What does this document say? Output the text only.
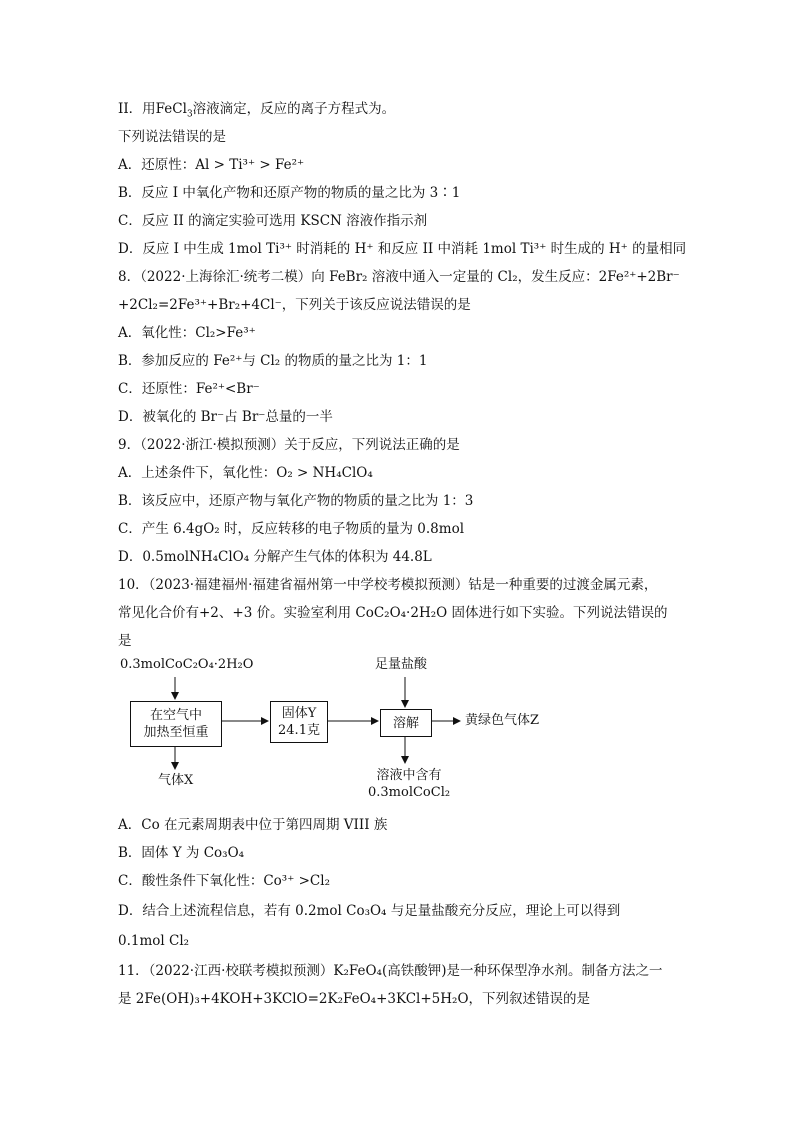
II．用FeCl$_3$溶液滴定，反应的离子方程式为。
下列说法错误的是
A．还原性：Al > Ti³⁺ > Fe²⁺
B．反应 I 中氧化产物和还原产物的物质的量之比为 3∶1
C．反应 II 的滴定实验可选用 KSCN 溶液作指示剂
D．反应 I 中生成 1mol Ti³⁺ 时消耗的 H⁺ 和反应 II 中消耗 1mol Ti³⁺ 时生成的 H⁺ 的量相同
8．（2022·上海徐汇·统考二模）向 FeBr₂ 溶液中通入一定量的 Cl₂，发生反应：2Fe²⁺+2Br⁻
+2Cl₂=2Fe³⁺+Br₂+4Cl⁻，下列关于该反应说法错误的是
A．氧化性：Cl₂>Fe³⁺
B．参加反应的 Fe²⁺与 Cl₂ 的物质的量之比为 1：1
C．还原性：Fe²⁺<Br⁻
D．被氧化的 Br⁻占 Br⁻总量的一半
9．（2022·浙江·模拟预测）关于反应，下列说法正确的是
A．上述条件下，氧化性：O₂ > NH₄ClO₄
B．该反应中，还原产物与氧化产物的物质的量之比为 1：3
C．产生 6.4gO₂ 时，反应转移的电子物质的量为 0.8mol
D．0.5molNH₄ClO₄ 分解产生气体的体积为 44.8L
10．（2023·福建福州·福建省福州第一中学校考模拟预测）钴是一种重要的过渡金属元素，
常见化合价有+2、+3 价。实验室利用 CoC₂O₄·2H₂O 固体进行如下实验。下列说法错误的
是
A．Co 在元素周期表中位于第四周期 VIII 族
B．固体 Y 为 Co₃O₄
C．酸性条件下氧化性：Co³⁺ >Cl₂
D．结合上述流程信息，若有 0.2mol Co₃O₄ 与足量盐酸充分反应，理论上可以得到
0.1mol Cl₂
11．（2022·江西·校联考模拟预测）K₂FeO₄(高铁酸钾)是一种环保型净水剂。制备方法之一
是 2Fe(OH)₃+4KOH+3KClO=2K₂FeO₄+3KCl+5H₂O，下列叙述错误的是
0.3molCoC₂O₄·2H₂O
在空气中
加热至恒重
气体X
固体Y
24.1克
足量盐酸
溶解	黄绿色气体Z
溶液中含有
0.3molCoCl₂
